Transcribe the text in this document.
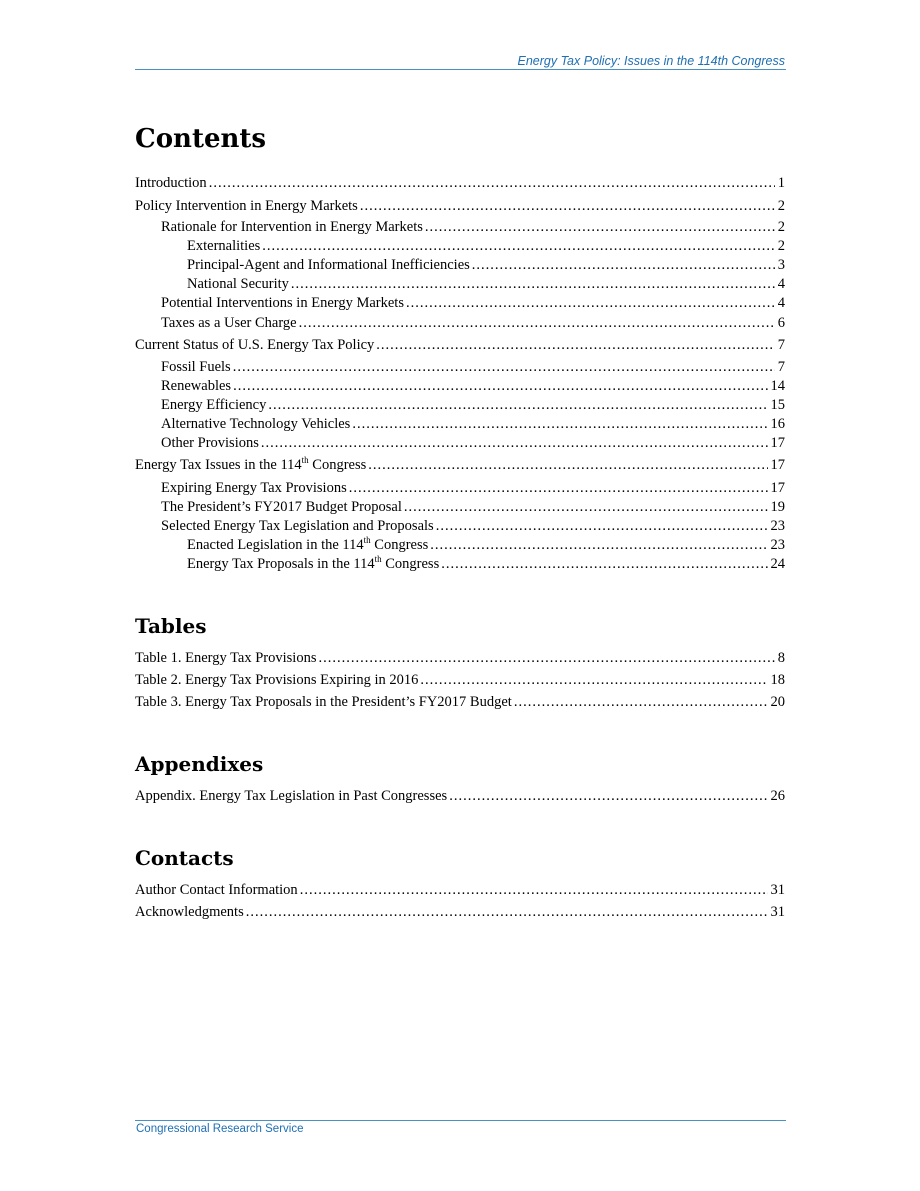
Energy Tax Policy: Issues in the 114th Congress
Contents
Introduction .....	1
Policy Intervention in Energy Markets .....	2
Rationale for Intervention in Energy Markets .....	2
Externalities .....	2
Principal-Agent and Informational Inefficiencies .....	3
National Security .....	4
Potential Interventions in Energy Markets .....	4
Taxes as a User Charge .....	6
Current Status of U.S. Energy Tax Policy .....	7
Fossil Fuels .....	7
Renewables .....	14
Energy Efficiency .....	15
Alternative Technology Vehicles .....	16
Other Provisions .....	17
Energy Tax Issues in the 114th Congress .....	17
Expiring Energy Tax Provisions .....	17
The President’s FY2017 Budget Proposal .....	19
Selected Energy Tax Legislation and Proposals .....	23
Enacted Legislation in the 114th Congress .....	23
Energy Tax Proposals in the 114th Congress .....	24
Tables
Table 1. Energy Tax Provisions .....	8
Table 2. Energy Tax Provisions Expiring in 2016 .....	18
Table 3. Energy Tax Proposals in the President’s FY2017 Budget .....	20
Appendixes
Appendix. Energy Tax Legislation in Past Congresses .....	26
Contacts
Author Contact Information .....	31
Acknowledgments .....	31
Congressional Research Service
